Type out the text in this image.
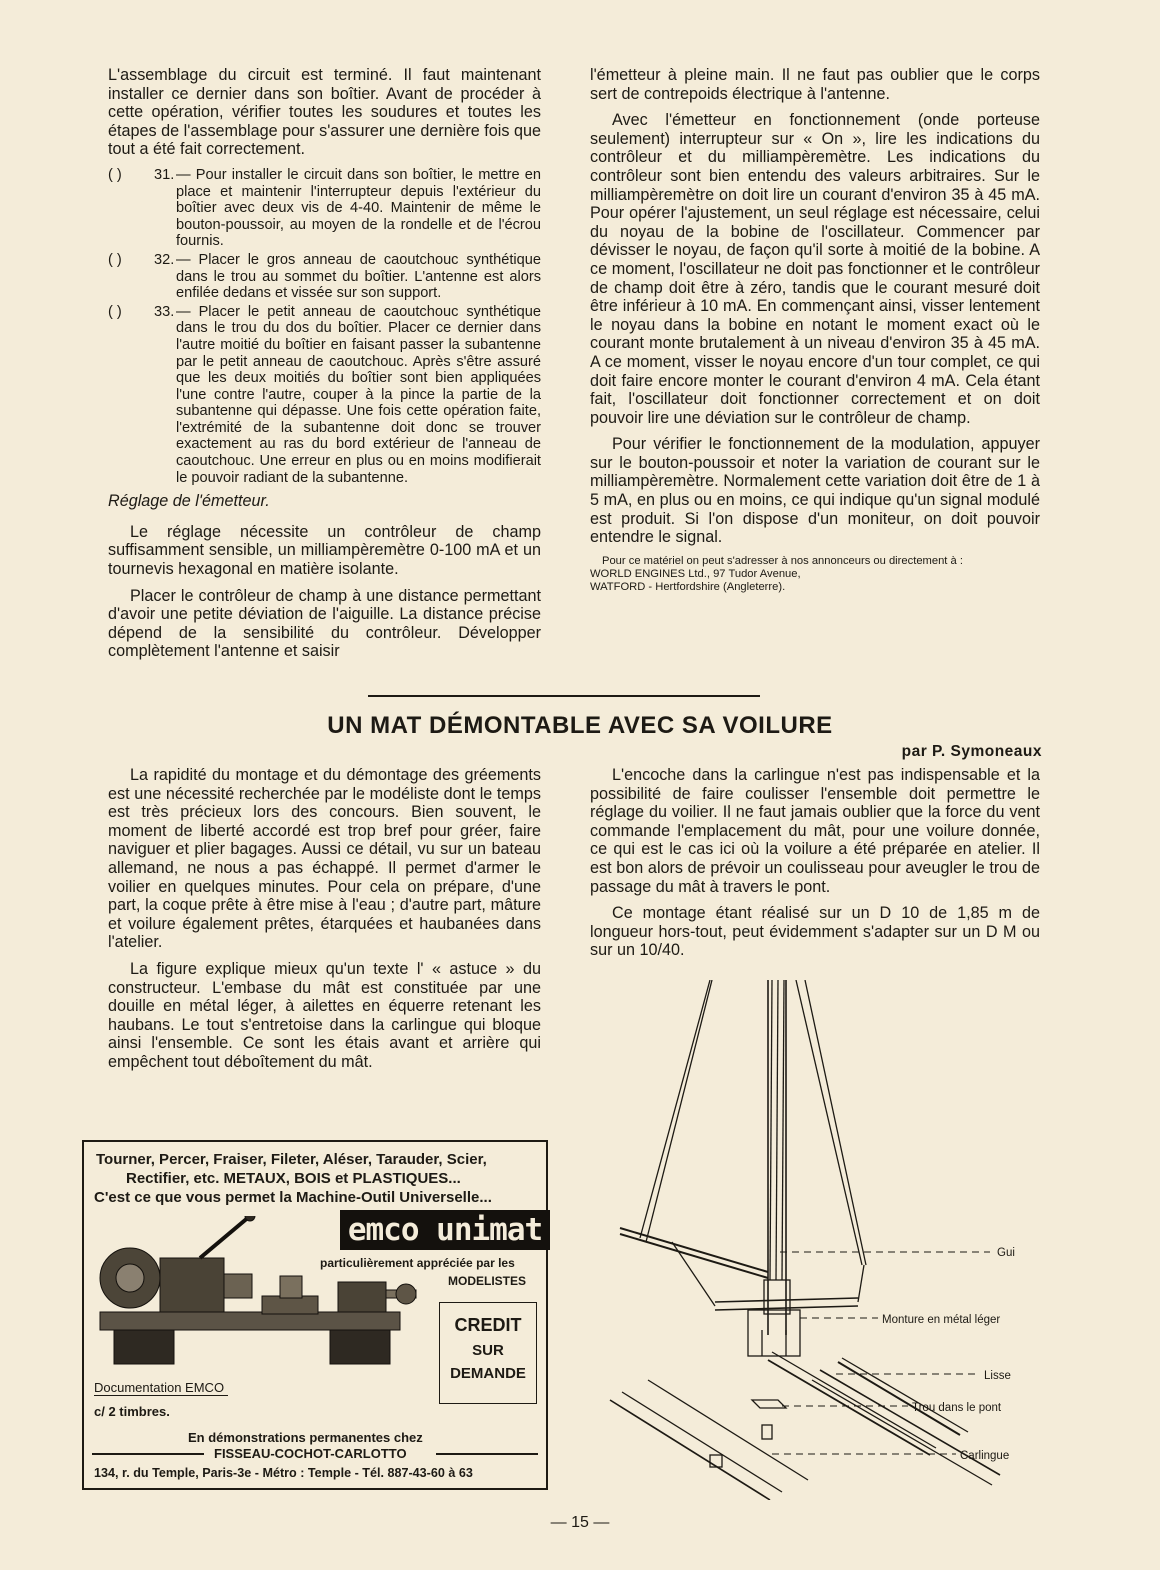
L'assemblage du circuit est terminé. Il faut maintenant installer ce dernier dans son boîtier. Avant de procéder à cette opération, vérifier toutes les soudures et toutes les étapes de l'assemblage pour s'assurer une dernière fois que tout a été fait correctement.

( )	31. — Pour installer le circuit dans son boîtier, le mettre en place et maintenir l'interrupteur depuis l'extérieur du boîtier avec deux vis de 4-40. Maintenir de même le bouton-poussoir, au moyen de la rondelle et de l'écrou fournis.

( )	32. — Placer le gros anneau de caoutchouc synthétique dans le trou au sommet du boîtier. L'antenne est alors enfilée dedans et vissée sur son support.

( )	33. — Placer le petit anneau de caoutchouc synthétique dans le trou du dos du boîtier. Placer ce dernier dans l'autre moitié du boîtier en faisant passer la subantenne par le petit anneau de caoutchouc. Après s'être assuré que les deux moitiés du boîtier sont bien appliquées l'une contre l'autre, couper à la pince la partie de la subantenne qui dépasse. Une fois cette opération faite, l'extrémité de la subantenne doit donc se trouver exactement au ras du bord extérieur de l'anneau de caoutchouc. Une erreur en plus ou en moins modifierait le pouvoir radiant de la subantenne.

Réglage de l'émetteur.

Le réglage nécessite un contrôleur de champ suffisamment sensible, un milliampèremètre 0-100 mA et un tournevis hexagonal en matière isolante.

Placer le contrôleur de champ à une distance permettant d'avoir une petite déviation de l'aiguille. La distance précise dépend de la sensibilité du contrôleur. Développer complètement l'antenne et saisir

l'émetteur à pleine main. Il ne faut pas oublier que le corps sert de contrepoids électrique à l'antenne.

Avec l'émetteur en fonctionnement (onde porteuse seulement) interrupteur sur « On », lire les indications du contrôleur et du milliampèremètre. Les indications du contrôleur sont bien entendu des valeurs arbitraires. Sur le milliampèremètre on doit lire un courant d'environ 35 à 45 mA. Pour opérer l'ajustement, un seul réglage est nécessaire, celui du noyau de la bobine de l'oscillateur. Commencer par dévisser le noyau, de façon qu'il sorte à moitié de la bobine. A ce moment, l'oscillateur ne doit pas fonctionner et le contrôleur de champ doit être à zéro, tandis que le courant mesuré doit être inférieur à 10 mA. En commençant ainsi, visser lentement le noyau dans la bobine en notant le moment exact où le courant monte brutalement à un niveau d'environ 35 à 45 mA. A ce moment, visser le noyau encore d'un tour complet, ce qui doit faire encore monter le courant d'environ 4 mA. Cela étant fait, l'oscillateur doit fonctionner correctement et on doit pouvoir lire une déviation sur le contrôleur de champ.

Pour vérifier le fonctionnement de la modulation, appuyer sur le bouton-poussoir et noter la variation de courant sur le milliampèremètre. Normalement cette variation doit être de 1 à 5 mA, en plus ou en moins, ce qui indique qu'un signal modulé est produit. Si l'on dispose d'un moniteur, on doit pouvoir entendre le signal.

Pour ce matériel on peut s'adresser à nos annonceurs ou directement à :

WORLD ENGINES Ltd., 97 Tudor Avenue,

WATFORD - Hertfordshire (Angleterre).

UN MAT DÉMONTABLE AVEC SA VOILURE
par P. Symoneaux

La rapidité du montage et du démontage des gréements est une nécessité recherchée par le modéliste dont le temps est très précieux lors des concours. Bien souvent, le moment de liberté accordé est trop bref pour gréer, faire naviguer et plier bagages. Aussi ce détail, vu sur un bateau allemand, ne nous a pas échappé. Il permet d'armer le voilier en quelques minutes. Pour cela on prépare, d'une part, la coque prête à être mise à l'eau ; d'autre part, mâture et voilure également prêtes, étarquées et haubanées dans l'atelier.

La figure explique mieux qu'un texte l' « astuce » du constructeur. L'embase du mât est constituée par une douille en métal léger, à ailettes en équerre retenant les haubans. Le tout s'entretoise dans la carlingue qui bloque ainsi l'ensemble. Ce sont les étais avant et arrière qui empêchent tout déboîtement du mât.

L'encoche dans la carlingue n'est pas indispensable et la possibilité de faire coulisser l'ensemble doit permettre le réglage du voilier. Il ne faut jamais oublier que la force du vent commande l'emplacement du mât, pour une voilure donnée, ce qui est le cas ici où la voilure a été préparée en atelier. Il est bon alors de prévoir un coulisseau pour aveugler le trou de passage du mât à travers le pont.

Ce montage étant réalisé sur un D 10 de 1,85 m de longueur hors-tout, peut évidemment s'adapter sur un D M ou sur un 10/40.

Gui
Monture en métal léger
Lisse
Trou dans le pont
Carlingue
Tourner, Percer, Fraiser, Fileter, Aléser, Tarauder, Scier,
Rectifier, etc. METAUX, BOIS et PLASTIQUES...
C'est ce que vous permet la Machine-Outil Universelle...
emco unimat
particulièrement appréciée par les
MODELISTES
CREDIT
SUR
DEMANDE
Documentation EMCO
c/ 2 timbres.
En démonstrations permanentes chez
FISSEAU-COCHOT-CARLOTTO
134, r. du Temple, Paris-3e - Métro : Temple - Tél. 887-43-60 à 63
— 15 —
